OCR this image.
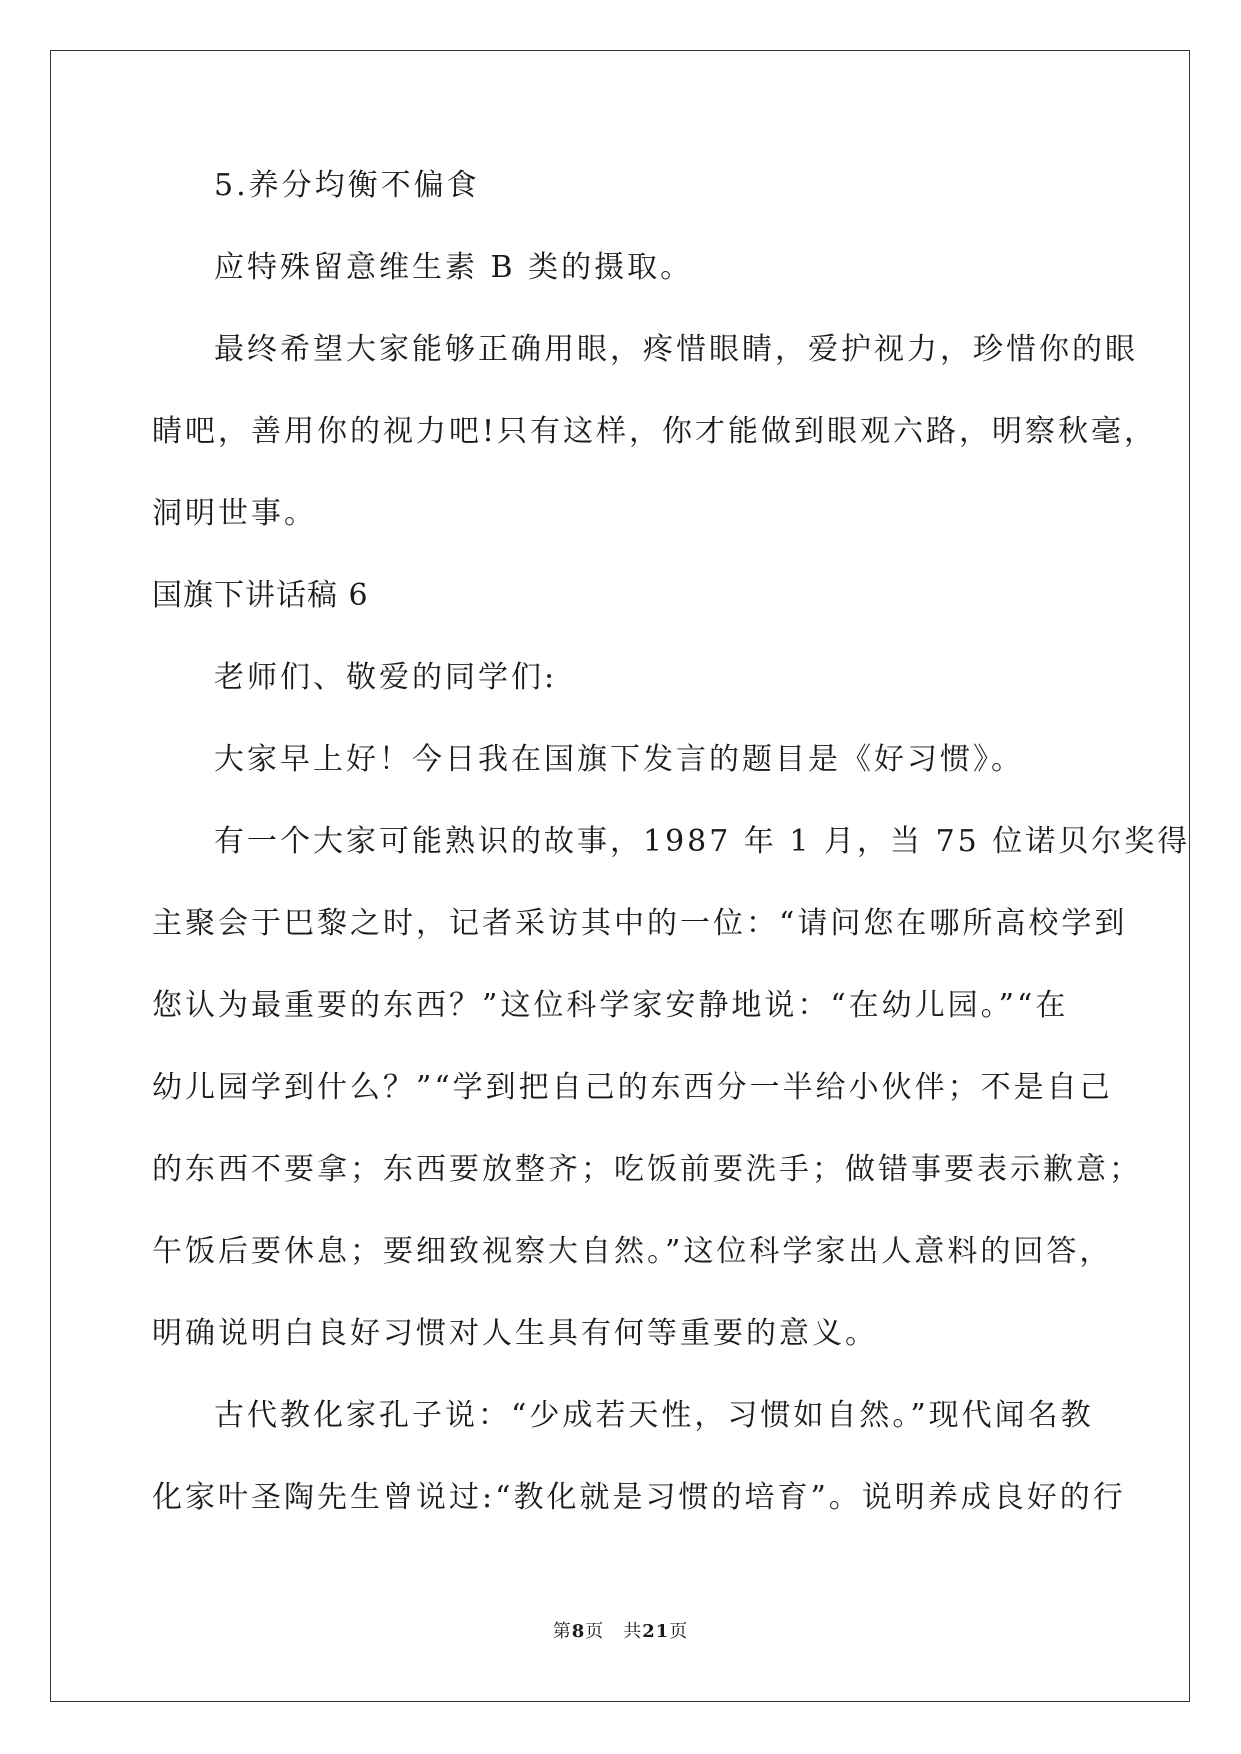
5.养分均衡不偏食
应特殊留意维生素 B 类的摄取。
最终希望大家能够正确用眼，疼惜眼睛，爱护视力，珍惜你的眼
睛吧，善用你的视力吧!只有这样，你才能做到眼观六路，明察秋毫，
洞明世事。
国旗下讲话稿 6
老师们、敬爱的同学们:
大家早上好！今日我在国旗下发言的题目是《好习惯》。
有一个大家可能熟识的故事，1987 年 1 月，当 75 位诺贝尔奖得
主聚会于巴黎之时，记者采访其中的一位：“请问您在哪所高校学到
您认为最重要的东西？”这位科学家安静地说：“在幼儿园。”“在
幼儿园学到什么？”“学到把自己的东西分一半给小伙伴；不是自己
的东西不要拿；东西要放整齐；吃饭前要洗手；做错事要表示歉意；
午饭后要休息；要细致视察大自然。”这位科学家出人意料的回答，
明确说明白良好习惯对人生具有何等重要的意义。
古代教化家孔子说：“少成若天性，习惯如自然。”现代闻名教
化家叶圣陶先生曾说过:“教化就是习惯的培育”。说明养成良好的行
第8页　共21页
